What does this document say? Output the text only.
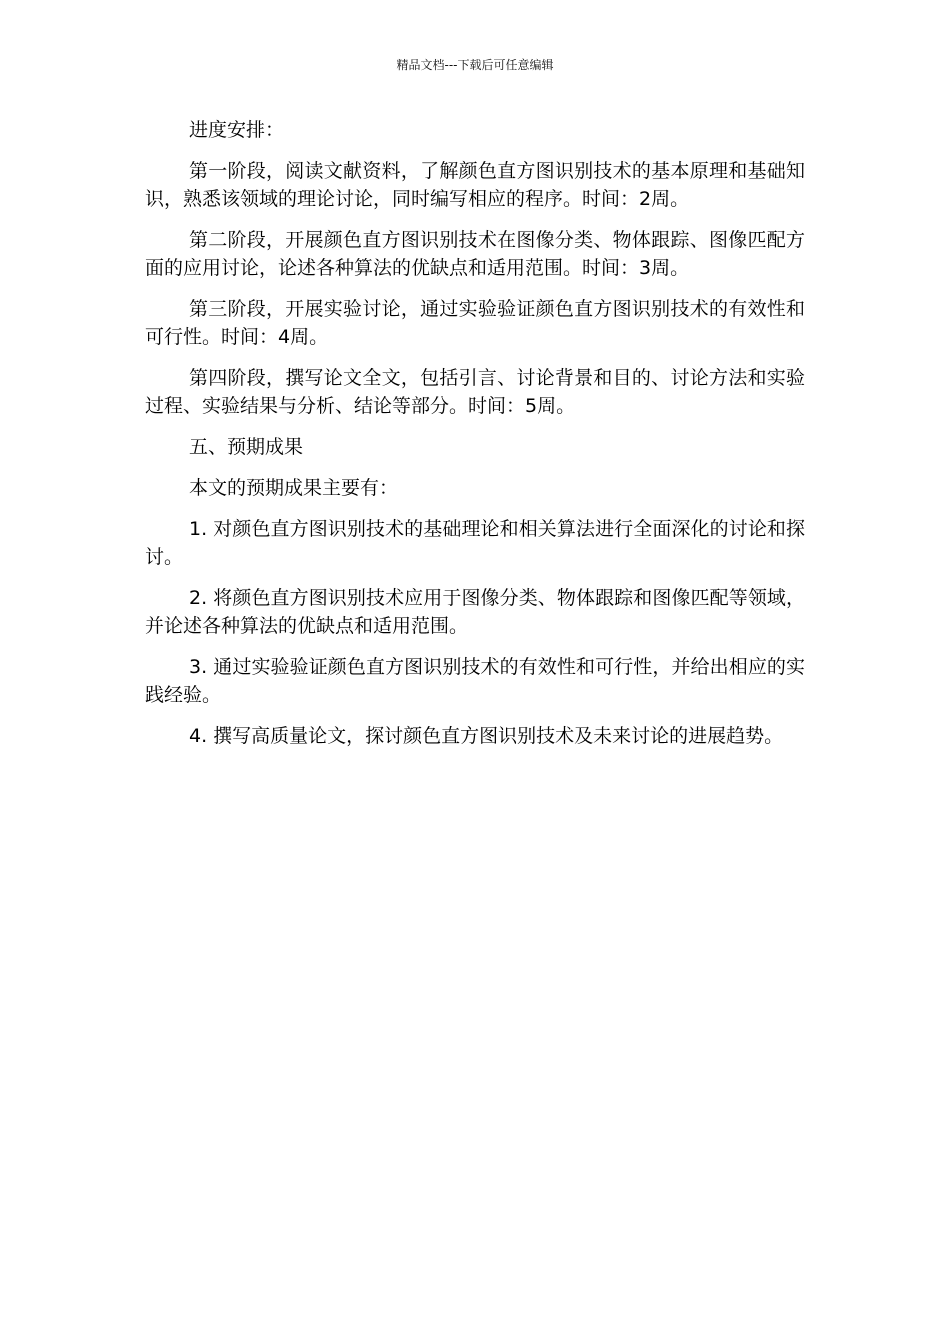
精品文档---下载后可任意编辑

进度安排：

第一阶段，阅读文献资料，了解颜色直方图识别技术的基本原理和基础知识，熟悉该领域的理论讨论，同时编写相应的程序。时间：2周。

第二阶段，开展颜色直方图识别技术在图像分类、物体跟踪、图像匹配方面的应用讨论，论述各种算法的优缺点和适用范围。时间：3周。

第三阶段，开展实验讨论，通过实验验证颜色直方图识别技术的有效性和可行性。时间：4周。

第四阶段，撰写论文全文，包括引言、讨论背景和目的、讨论方法和实验过程、实验结果与分析、结论等部分。时间：5周。

五、预期成果

本文的预期成果主要有：

1. 对颜色直方图识别技术的基础理论和相关算法进行全面深化的讨论和探讨。

2. 将颜色直方图识别技术应用于图像分类、物体跟踪和图像匹配等领域，并论述各种算法的优缺点和适用范围。

3. 通过实验验证颜色直方图识别技术的有效性和可行性，并给出相应的实践经验。

4. 撰写高质量论文，探讨颜色直方图识别技术及未来讨论的进展趋势。
